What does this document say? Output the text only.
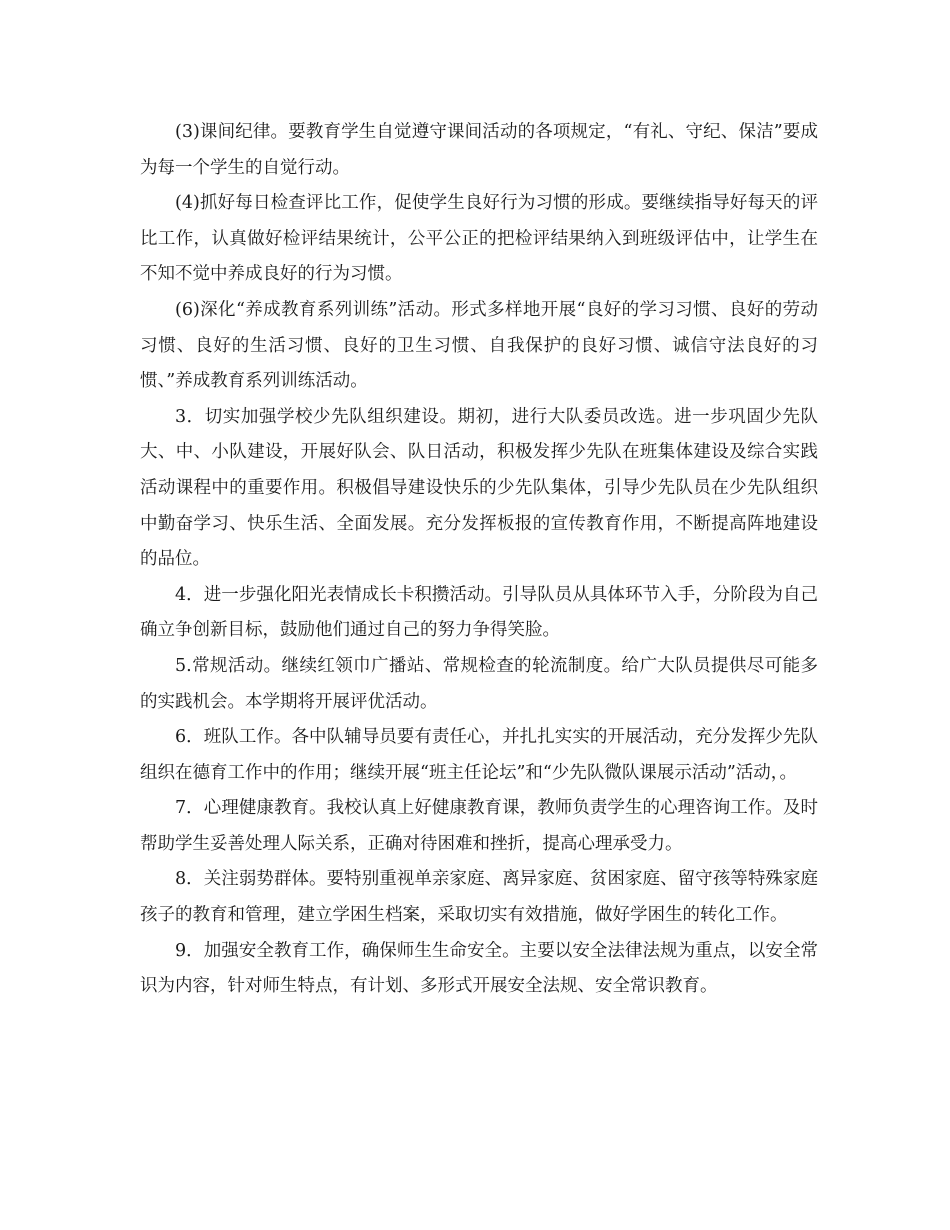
(3)课间纪律。要教育学生自觉遵守课间活动的各项规定，“有礼、守纪、保洁”要成为每一个学生的自觉行动。

(4)抓好每日检查评比工作，促使学生良好行为习惯的形成。要继续指导好每天的评比工作，认真做好检评结果统计，公平公正的把检评结果纳入到班级评估中，让学生在不知不觉中养成良好的行为习惯。

(6)深化“养成教育系列训练”活动。形式多样地开展“良好的学习习惯、良好的劳动习惯、良好的生活习惯、良好的卫生习惯、自我保护的良好习惯、诚信守法良好的习惯、”养成教育系列训练活动。

3．切实加强学校少先队组织建设。期初，进行大队委员改选。进一步巩固少先队大、中、小队建设，开展好队会、队日活动，积极发挥少先队在班集体建设及综合实践活动课程中的重要作用。积极倡导建设快乐的少先队集体，引导少先队员在少先队组织中勤奋学习、快乐生活、全面发展。充分发挥板报的宣传教育作用，不断提高阵地建设的品位。

4．进一步强化阳光表情成长卡积攒活动。引导队员从具体环节入手，分阶段为自己确立争创新目标，鼓励他们通过自己的努力争得笑脸。

5.常规活动。继续红领巾广播站、常规检查的轮流制度。给广大队员提供尽可能多的实践机会。本学期将开展评优活动。

6．班队工作。各中队辅导员要有责任心，并扎扎实实的开展活动，充分发挥少先队组织在德育工作中的作用；继续开展“班主任论坛”和“少先队微队课展示活动”活动，。

7．心理健康教育。我校认真上好健康教育课，教师负责学生的心理咨询工作。及时帮助学生妥善处理人际关系，正确对待困难和挫折，提高心理承受力。

8．关注弱势群体。要特别重视单亲家庭、离异家庭、贫困家庭、留守孩等特殊家庭孩子的教育和管理，建立学困生档案，采取切实有效措施，做好学困生的转化工作。

9．加强安全教育工作，确保师生生命安全。主要以安全法律法规为重点，以安全常识为内容，针对师生特点，有计划、多形式开展安全法规、安全常识教育。
